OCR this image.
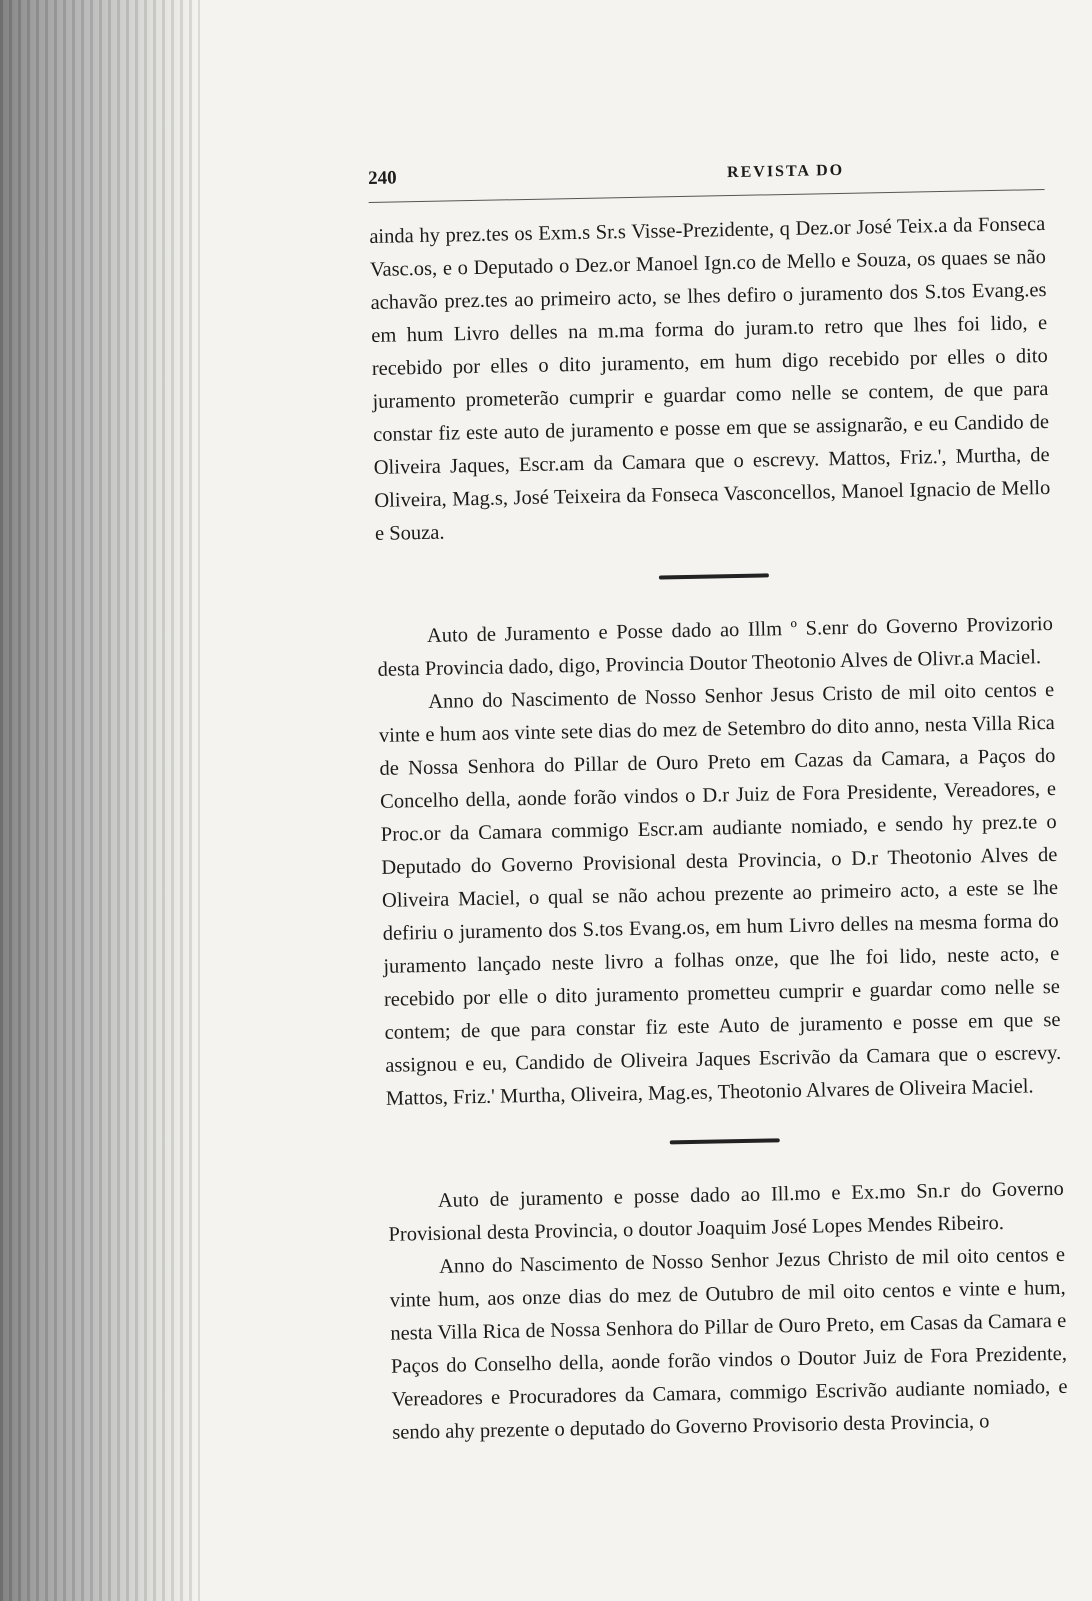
240	REVISTA DO

ainda hy prez.tes os Exm.s Sr.s Visse-Prezidente, q Dez.or José Teix.a da Fonseca Vasc.os, e o Deputado o Dez.or Manoel Ign.co de Mello e Souza, os quaes se não achavão prez.tes ao primeiro acto, se lhes defiro o juramento dos S.tos Evang.es em hum Livro delles na m.ma forma do juram.to retro que lhes foi lido, e recebido por elles o dito juramento, em hum digo recebido por elles o dito juramento prometerão cumprir e guardar como nelle se contem, de que para constar fiz este auto de juramento e posse em que se assignarão, e eu Candido de Oliveira Jaques, Escr.am da Camara que o escrevy. Mattos, Friz.', Murtha, de Oliveira, Mag.s, José Teixeira da Fonseca Vasconcellos, Manoel Ignacio de Mello e Souza.

Auto de Juramento e Posse dado ao Illm º S.enr do Governo Provizorio desta Provincia dado, digo, Provincia Doutor Theotonio Alves de Olivr.a Maciel.

Anno do Nascimento de Nosso Senhor Jesus Cristo de mil oito centos e vinte e hum aos vinte sete dias do mez de Setembro do dito anno, nesta Villa Rica de Nossa Senhora do Pillar de Ouro Preto em Cazas da Camara, a Paços do Concelho della, aonde forão vindos o D.r Juiz de Fora Presidente, Vereadores, e Proc.or da Camara commigo Escr.am audiante nomiado, e sendo hy prez.te o Deputado do Governo Provisional desta Provincia, o D.r Theotonio Alves de Oliveira Maciel, o qual se não achou prezente ao primeiro acto, a este se lhe defiriu o juramento dos S.tos Evang.os, em hum Livro delles na mesma forma do juramento lançado neste livro a folhas onze, que lhe foi lido, neste acto, e recebido por elle o dito juramento prometteu cumprir e guardar como nelle se contem; de que para constar fiz este Auto de juramento e posse em que se assignou e eu, Candido de Oliveira Jaques Escrivão da Camara que o escrevy. Mattos, Friz.' Murtha, Oliveira, Mag.es, Theotonio Alvares de Oliveira Maciel.

Auto de juramento e posse dado ao Ill.mo e Ex.mo Sn.r do Governo Provisional desta Provincia, o doutor Joaquim José Lopes Mendes Ribeiro.

Anno do Nascimento de Nosso Senhor Jezus Christo de mil oito centos e vinte hum, aos onze dias do mez de Outubro de mil oito centos e vinte e hum, nesta Villa Rica de Nossa Senhora do Pillar de Ouro Preto, em Casas da Camara e Paços do Conselho della, aonde forão vindos o Doutor Juiz de Fora Prezidente, Vereadores e Procuradores da Camara, commigo Escrivão audiante nomiado, e sendo ahy prezente o deputado do Governo Provisorio desta Provincia, o
